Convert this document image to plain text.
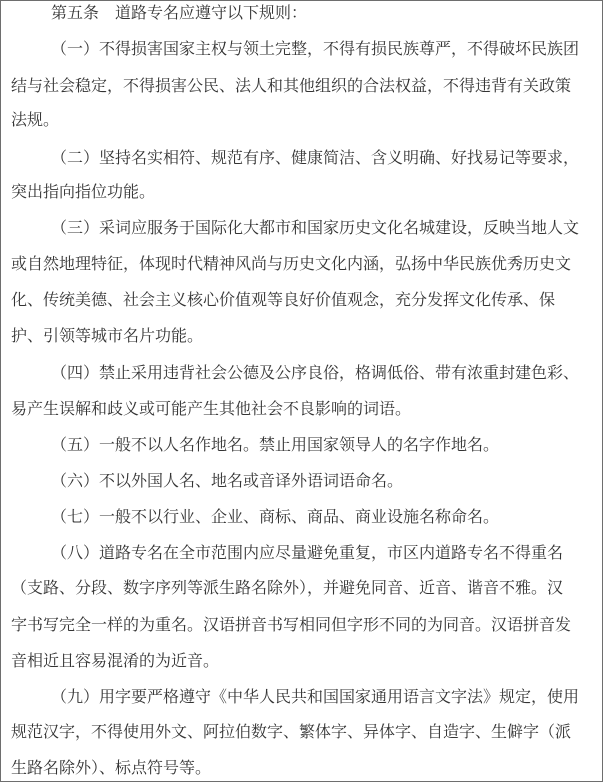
第五条　道路专名应遵守以下规则：

（一）不得损害国家主权与领土完整，不得有损民族尊严，不得破坏民族团

结与社会稳定，不得损害公民、法人和其他组织的合法权益，不得违背有关政策

法规。

（二）坚持名实相符、规范有序、健康简洁、含义明确、好找易记等要求，

突出指向指位功能。

（三）采词应服务于国际化大都市和国家历史文化名城建设，反映当地人文

或自然地理特征，体现时代精神风尚与历史文化内涵，弘扬中华民族优秀历史文

化、传统美德、社会主义核心价值观等良好价值观念，充分发挥文化传承、保

护、引领等城市名片功能。

（四）禁止采用违背社会公德及公序良俗，格调低俗、带有浓重封建色彩、

易产生误解和歧义或可能产生其他社会不良影响的词语。

（五）一般不以人名作地名。禁止用国家领导人的名字作地名。

（六）不以外国人名、地名或音译外语词语命名。

（七）一般不以行业、企业、商标、商品、商业设施名称命名。

（八）道路专名在全市范围内应尽量避免重复，市区内道路专名不得重名

（支路、分段、数字序列等派生路名除外），并避免同音、近音、谐音不雅。汉

字书写完全一样的为重名。汉语拼音书写相同但字形不同的为同音。汉语拼音发

音相近且容易混淆的为近音。

（九）用字要严格遵守《中华人民共和国国家通用语言文字法》规定，使用

规范汉字，不得使用外文、阿拉伯数字、繁体字、异体字、自造字、生僻字（派

生路名除外）、标点符号等。
